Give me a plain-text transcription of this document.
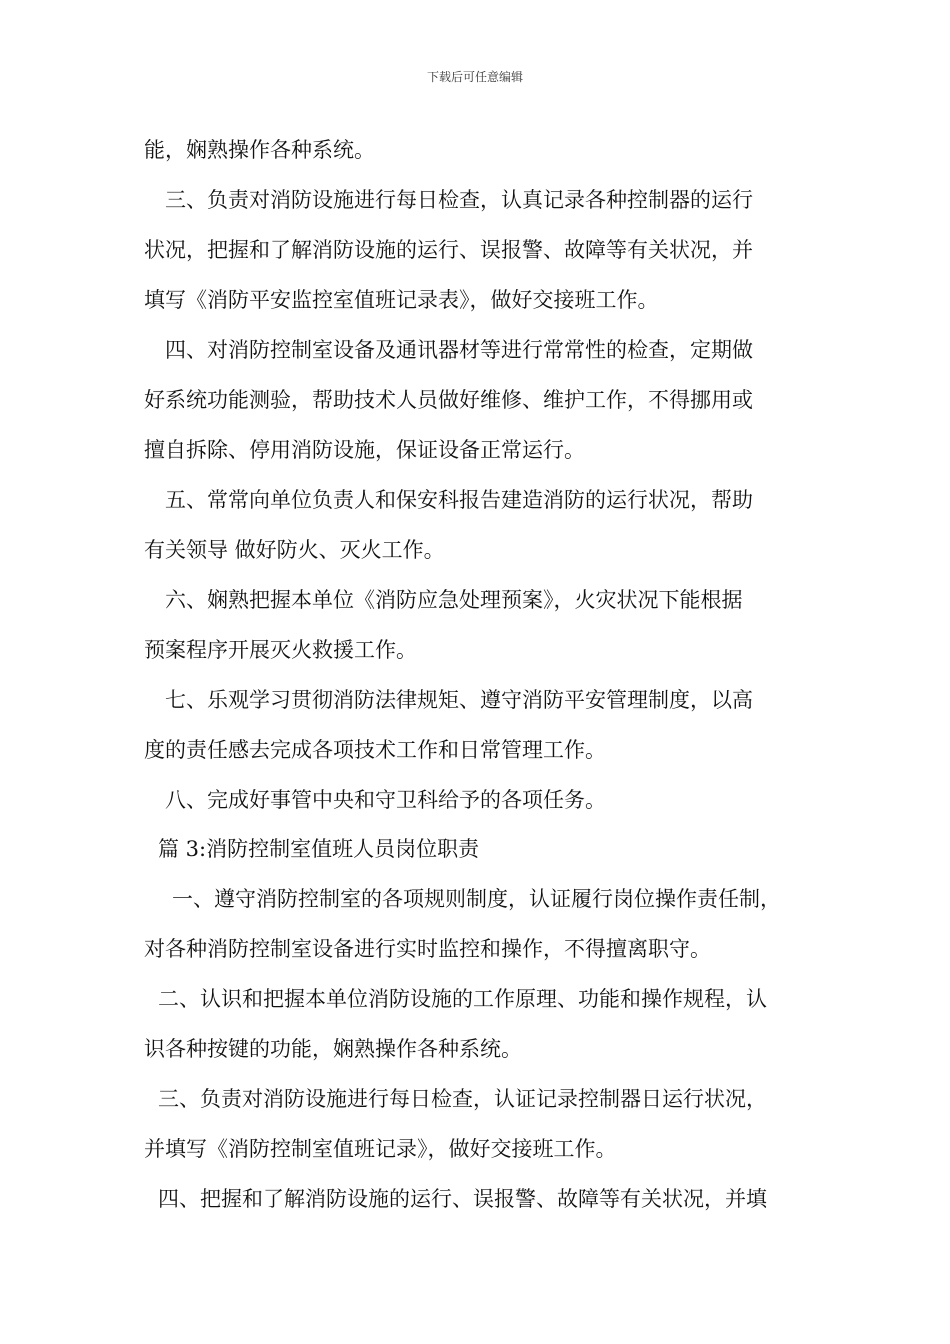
下载后可任意编辑
能，娴熟操作各种系统。
三、负责对消防设施进行每日检查，认真记录各种控制器的运行
状况，把握和了解消防设施的运行、误报警、故障等有关状况，并
填写《消防平安监控室值班记录表》，做好交接班工作。
四、对消防控制室设备及通讯器材等进行常常性的检查，定期做
好系统功能测验，帮助技术人员做好维修、维护工作，不得挪用或
擅自拆除、停用消防设施，保证设备正常运行。
五、常常向单位负责人和保安科报告建造消防的运行状况，帮助
有关领导 做好防火、灭火工作。
六、娴熟把握本单位《消防应急处理预案》，火灾状况下能根据
预案程序开展灭火救援工作。
七、乐观学习贯彻消防法律规矩、遵守消防平安管理制度，以高
度的责任感去完成各项技术工作和日常管理工作。
八、完成好事管中央和守卫科给予的各项任务。
篇 3:消防控制室值班人员岗位职责
一、遵守消防控制室的各项规则制度，认证履行岗位操作责任制，
对各种消防控制室设备进行实时监控和操作，不得擅离职守。
二、认识和把握本单位消防设施的工作原理、功能和操作规程，认
识各种按键的功能，娴熟操作各种系统。
三、负责对消防设施进行每日检查，认证记录控制器日运行状况，
并填写《消防控制室值班记录》，做好交接班工作。
四、把握和了解消防设施的运行、误报警、故障等有关状况，并填
